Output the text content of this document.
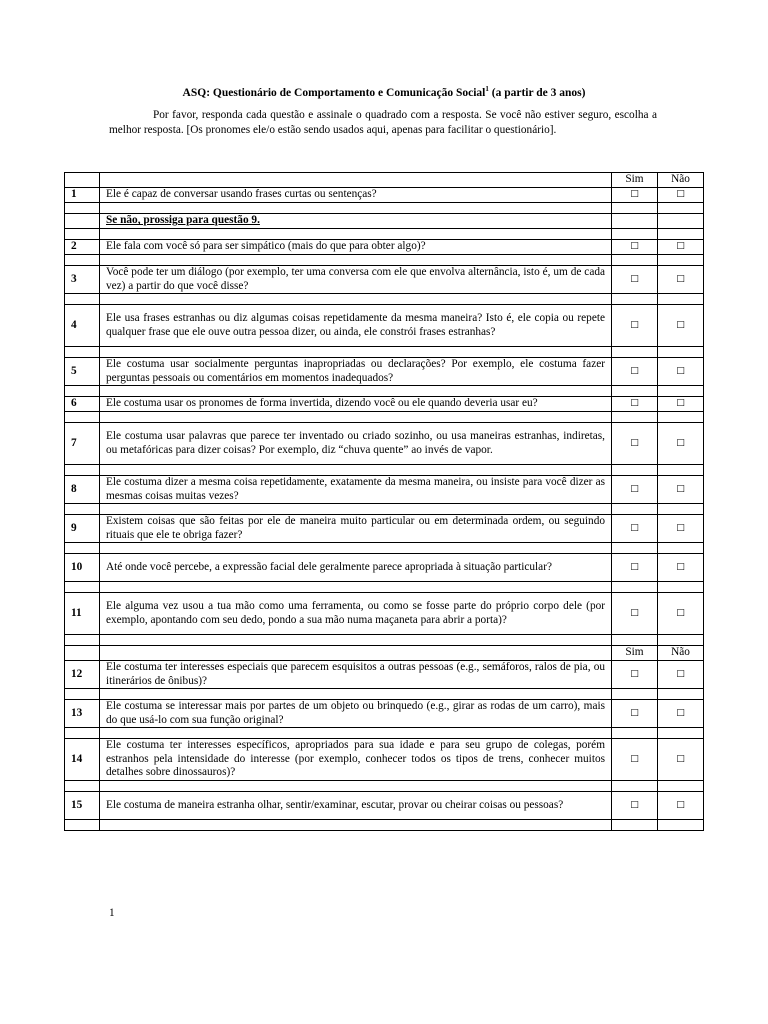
ASQ: Questionário de Comportamento e Comunicação Social$^1$ (a partir de 3 anos)
Por favor, responda cada questão e assinale o quadrado com a resposta. Se você não estiver seguro, escolha a melhor resposta. [Os pronomes ele/o estão sendo usados aqui, apenas para facilitar o questionário].
		Sim	Não
1	Ele é capaz de conversar usando frases curtas ou sentenças?	□	□

	Se não, prossiga para questão 9.		

2	Ele fala com você só para ser simpático (mais do que para obter algo)?	□	□

3	Você pode ter um diálogo (por exemplo, ter uma conversa com ele que envolva alternância, isto é, um de cada vez) a partir do que você disse?	□	□

4	Ele usa frases estranhas ou diz algumas coisas repetidamente da mesma maneira? Isto é, ele copia ou repete qualquer frase que ele ouve outra pessoa dizer, ou ainda, ele constrói frases estranhas?	□	□

5	Ele costuma usar socialmente perguntas inapropriadas ou declarações? Por exemplo, ele costuma fazer perguntas pessoais ou comentários em momentos inadequados?	□	□

6	Ele costuma usar os pronomes de forma invertida, dizendo você ou ele quando deveria usar eu?	□	□

7	Ele costuma usar palavras que parece ter inventado ou criado sozinho, ou usa maneiras estranhas, indiretas, ou metafóricas para dizer coisas? Por exemplo, diz “chuva quente” ao invés de vapor.	□	□

8	Ele costuma dizer a mesma coisa repetidamente, exatamente da mesma maneira, ou insiste para você dizer as mesmas coisas muitas vezes?	□	□

9	Existem coisas que são feitas por ele de maneira muito particular ou em determinada ordem, ou seguindo rituais que ele te obriga fazer?	□	□

10	Até onde você percebe, a expressão facial dele geralmente parece apropriada à situação particular?	□	□

11	Ele alguma vez usou a tua mão como uma ferramenta, ou como se fosse parte do próprio corpo dele (por exemplo, apontando com seu dedo, pondo a sua mão numa maçaneta para abrir a porta)?	□	□

		Sim	Não
12	Ele costuma ter interesses especiais que parecem esquisitos a outras pessoas (e.g., semáforos, ralos de pia, ou itinerários de ônibus)?	□	□

13	Ele costuma se interessar mais por partes de um objeto ou brinquedo (e.g., girar as rodas de um carro), mais do que usá-lo com sua função original?	□	□

14	Ele costuma ter interesses específicos, apropriados para sua idade e para seu grupo de colegas, porém estranhos pela intensidade do interesse (por exemplo, conhecer todos os tipos de trens, conhecer muitos detalhes sobre dinossauros)?	□	□

15	Ele costuma de maneira estranha olhar, sentir/examinar, escutar, provar ou cheirar coisas ou pessoas?	□	□

1
